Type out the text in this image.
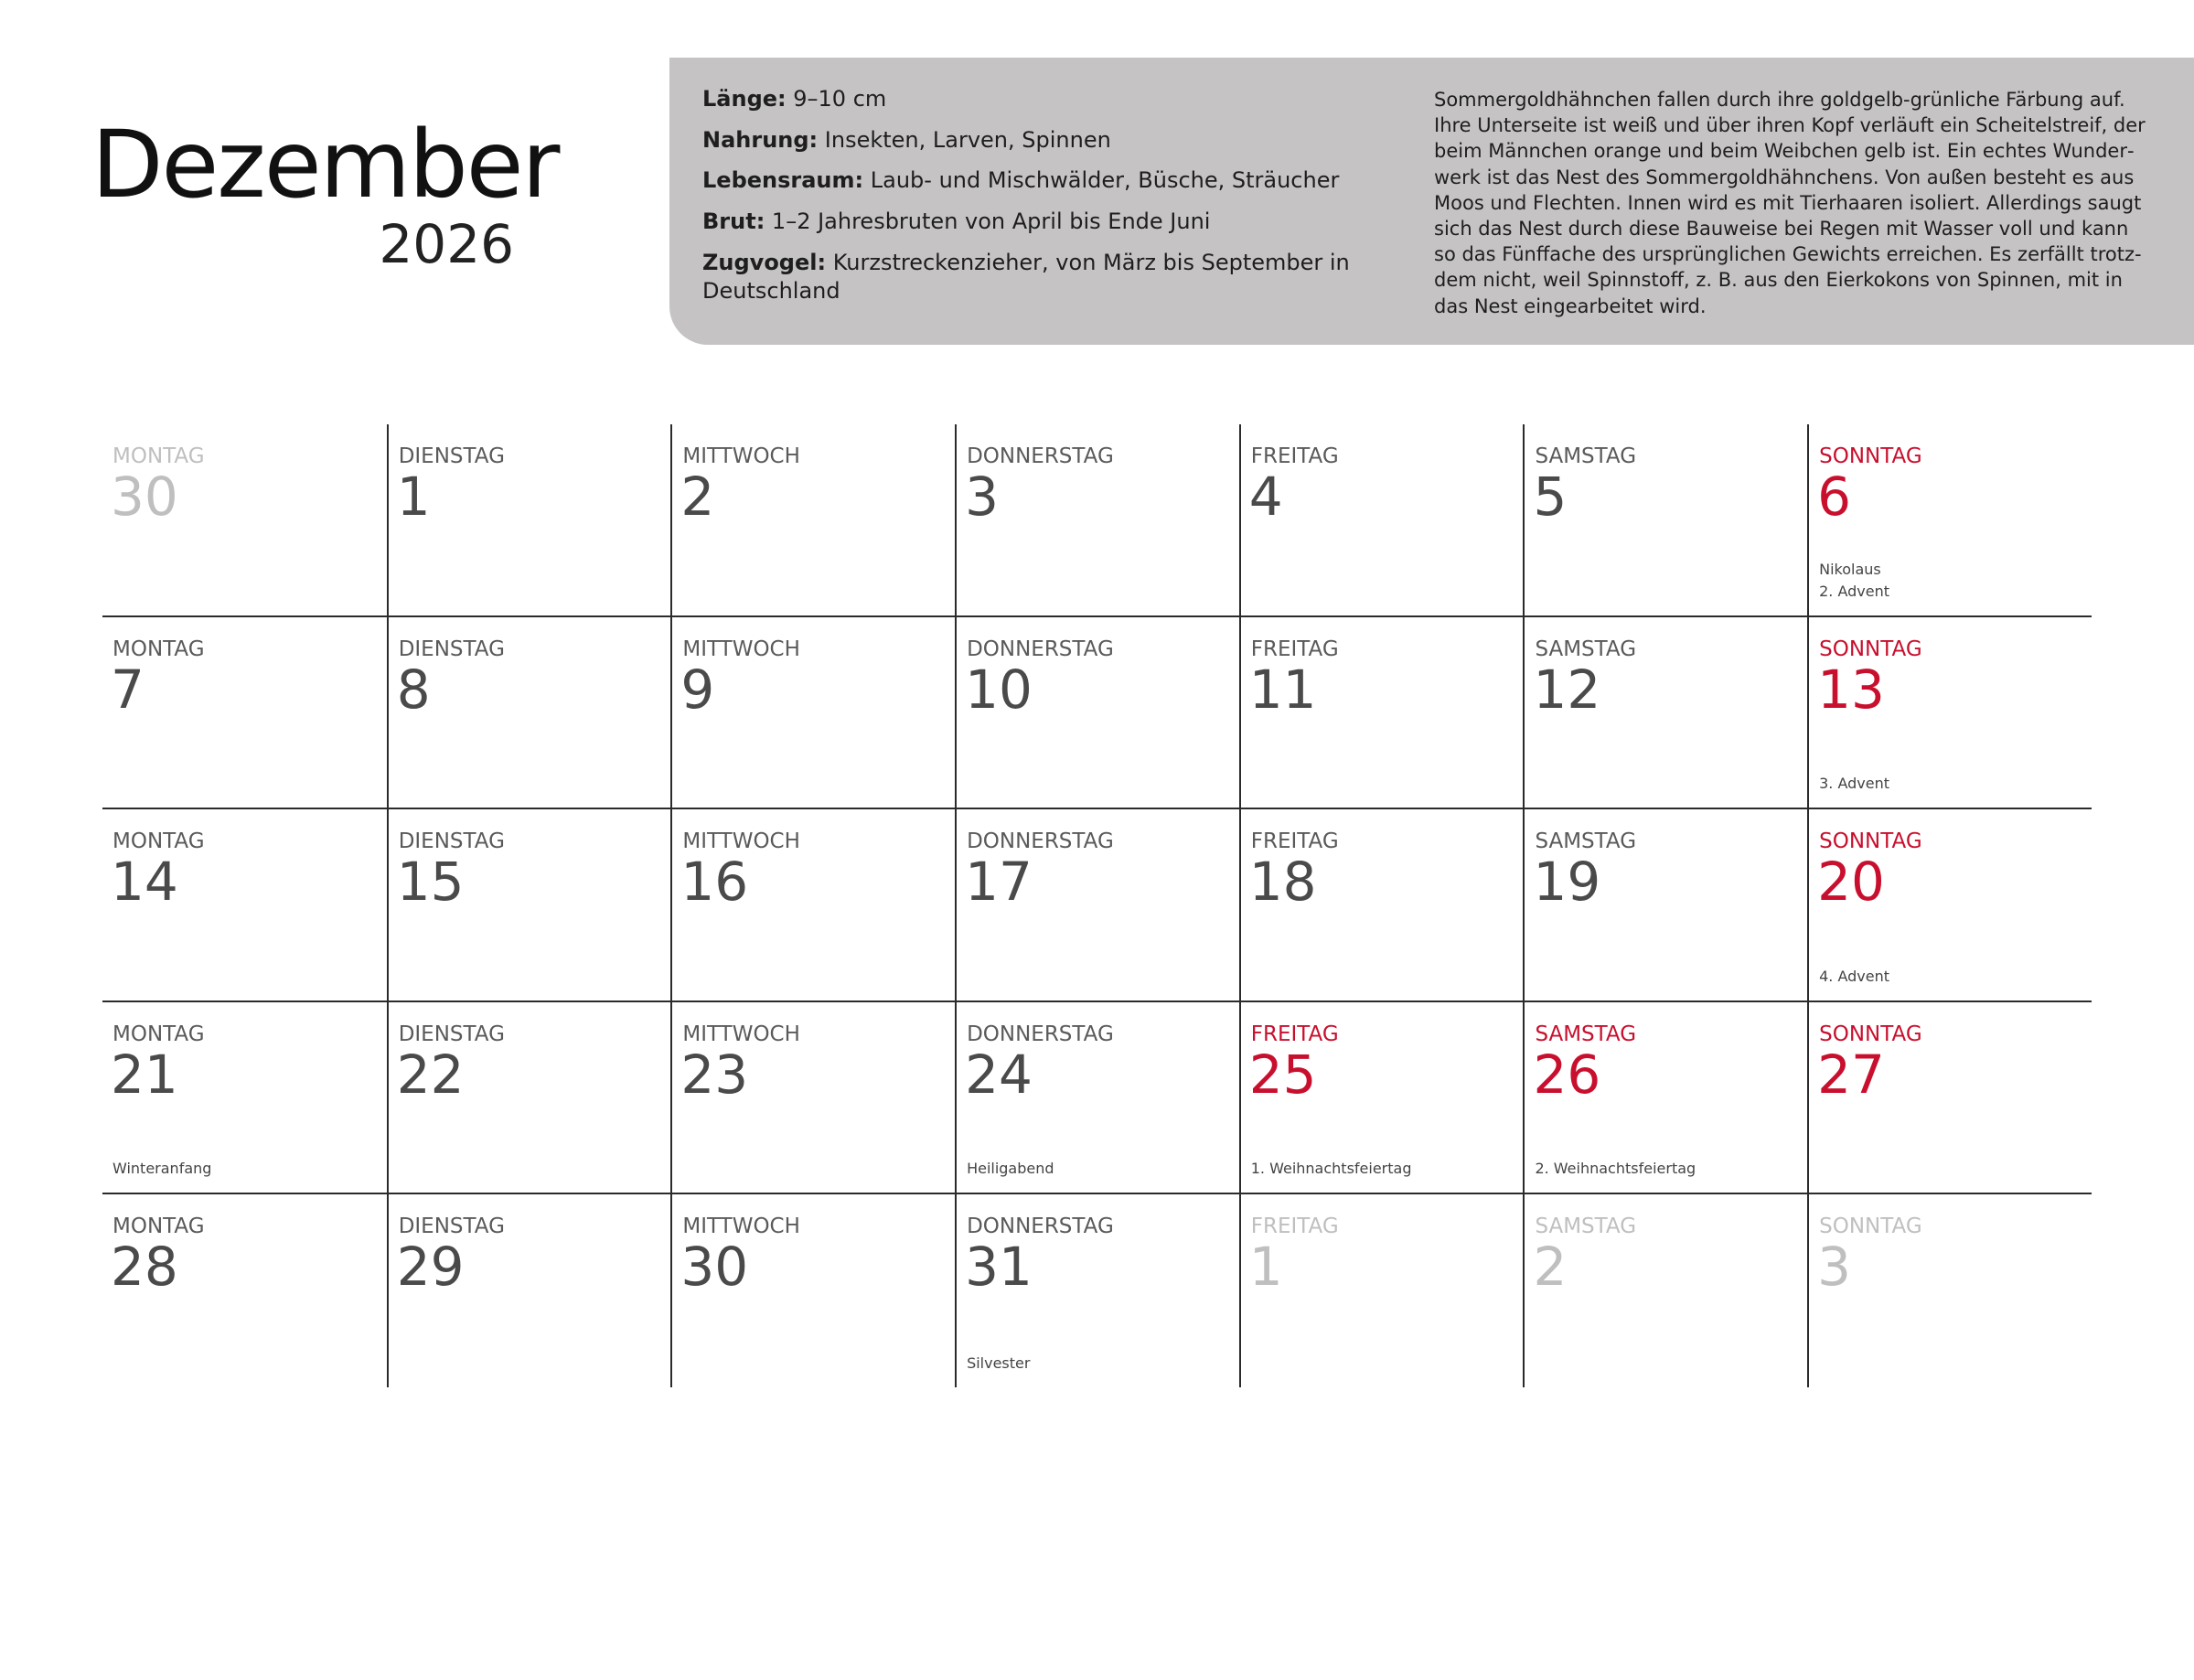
Dezember
2026

Länge: 9–10 cm

Nahrung: Insekten, Larven, Spinnen

Lebensraum: Laub- und Mischwälder, Büsche, Sträucher

Brut: 1–2 Jahresbruten von April bis Ende Juni

Zugvogel: Kurzstreckenzieher, von März bis September in Deutschland

Sommergoldhähnchen fallen durch ihre goldgelb-grünliche Färbung auf. Ihre Unterseite ist weiß und über ihren Kopf verläuft ein Scheitelstreif, der beim Männchen orange und beim Weibchen gelb ist. Ein echtes Wunderwerk ist das Nest des Sommergoldhähnchens. Von außen besteht es aus Moos und Flechten. Innen wird es mit Tierhaaren isoliert. Allerdings saugt sich das Nest durch diese Bauweise bei Regen mit Wasser voll und kann so das Fünffache des ursprünglichen Gewichts erreichen. Es zerfällt trotzdem nicht, weil Spinnstoff, z. B. aus den Eierkokons von Spinnen, mit in das Nest eingearbeitet wird.
MONTAG
30
DIENSTAG
1
MITTWOCH
2
DONNERSTAG
3
FREITAG
4
SAMSTAG
5
SONNTAG
6
Nikolaus
2. Advent
MONTAG
7
DIENSTAG
8
MITTWOCH
9
DONNERSTAG
10
FREITAG
11
SAMSTAG
12
SONNTAG
13
3. Advent
MONTAG
14
DIENSTAG
15
MITTWOCH
16
DONNERSTAG
17
FREITAG
18
SAMSTAG
19
SONNTAG
20
4. Advent
MONTAG
21
Winteranfang
DIENSTAG
22
MITTWOCH
23
DONNERSTAG
24
Heiligabend
FREITAG
25
1. Weihnachtsfeiertag
SAMSTAG
26
2. Weihnachtsfeiertag
SONNTAG
27
MONTAG
28
DIENSTAG
29
MITTWOCH
30
DONNERSTAG
31
Silvester
FREITAG
1
SAMSTAG
2
SONNTAG
3
